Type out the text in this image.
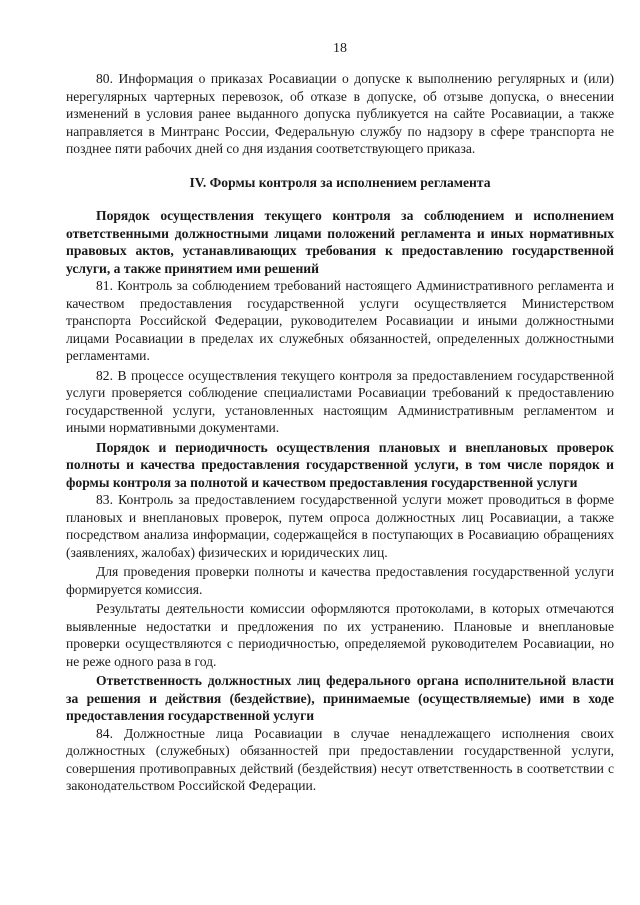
18

80. Информация о приказах Росавиации о допуске к выполнению регулярных и (или) нерегулярных чартерных перевозок, об отказе в допуске, об отзыве допуска, о внесении изменений в условия ранее выданного допуска публикуется на сайте Росавиации, а также направляется в Минтранс России, Федеральную службу по надзору в сфере транспорта не позднее пяти рабочих дней со дня издания соответствующего приказа.

IV. Формы контроля за исполнением регламента

Порядок осуществления текущего контроля за соблюдением и исполнением ответственными должностными лицами положений регламента и иных нормативных правовых актов, устанавливающих требования к предоставлению государственной услуги, а также принятием ими решений

81. Контроль за соблюдением требований настоящего Административного регламента и качеством предоставления государственной услуги осуществляется Министерством транспорта Российской Федерации, руководителем Росавиации и иными должностными лицами Росавиации в пределах их служебных обязанностей, определенных должностными регламентами.

82. В процессе осуществления текущего контроля за предоставлением государственной услуги проверяется соблюдение специалистами Росавиации требований к предоставлению государственной услуги, установленных настоящим Административным регламентом и иными нормативными документами.

Порядок и периодичность осуществления плановых и внеплановых проверок полноты и качества предоставления государственной услуги, в том числе порядок и формы контроля за полнотой и качеством предоставления государственной услуги

83. Контроль за предоставлением государственной услуги может проводиться в форме плановых и внеплановых проверок, путем опроса должностных лиц Росавиации, а также посредством анализа информации, содержащейся в поступающих в Росавиацию обращениях (заявлениях, жалобах) физических и юридических лиц.

Для проведения проверки полноты и качества предоставления государственной услуги формируется комиссия.

Результаты деятельности комиссии оформляются протоколами, в которых отмечаются выявленные недостатки и предложения по их устранению. Плановые и внеплановые проверки осуществляются с периодичностью, определяемой руководителем Росавиации, но не реже одного раза в год.

Ответственность должностных лиц федерального органа исполнительной власти за решения и действия (бездействие), принимаемые (осуществляемые) ими в ходе предоставления государственной услуги

84. Должностные лица Росавиации в случае ненадлежащего исполнения своих должностных (служебных) обязанностей при предоставлении государственной услуги, совершения противоправных действий (бездействия) несут ответственность в соответствии с законодательством Российской Федерации.
